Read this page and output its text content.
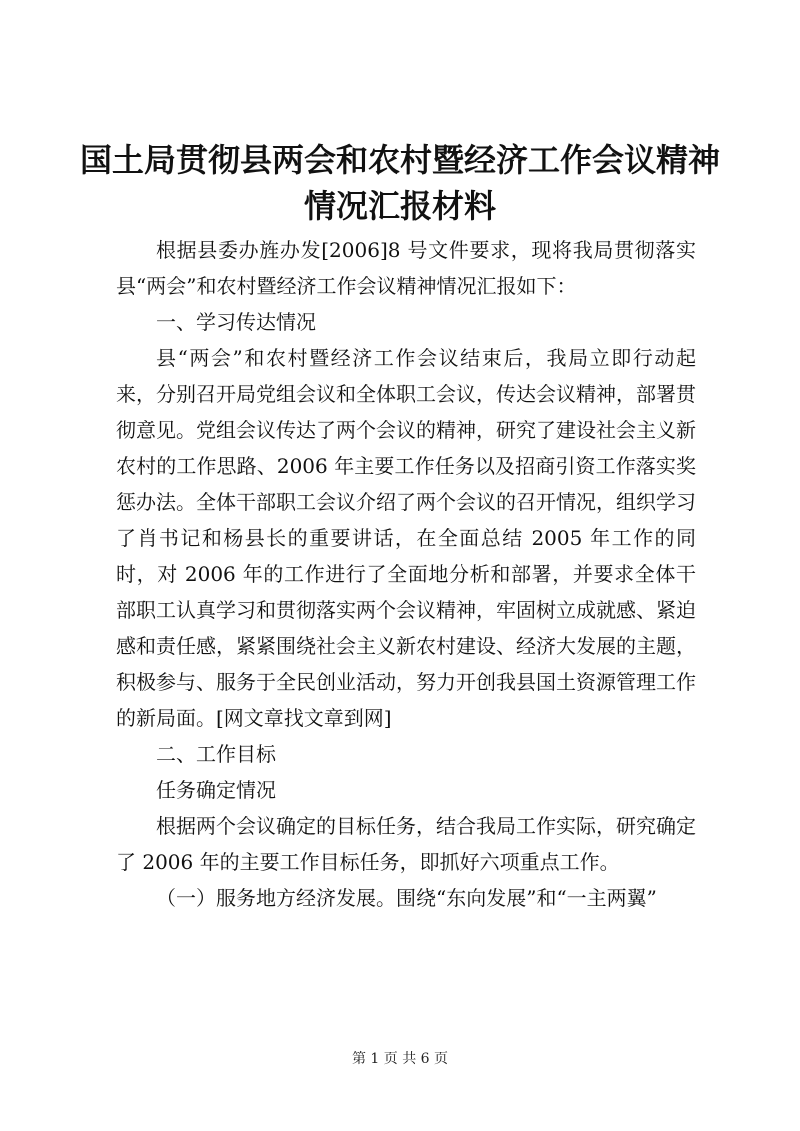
国土局贯彻县两会和农村暨经济工作会议精神
情况汇报材料

根据县委办旌办发[2006]8 号文件要求，现将我局贯彻落实县“两会”和农村暨经济工作会议精神情况汇报如下：

一、学习传达情况

县“两会”和农村暨经济工作会议结束后，我局立即行动起来，分别召开局党组会议和全体职工会议，传达会议精神，部署贯彻意见。党组会议传达了两个会议的精神，研究了建设社会主义新农村的工作思路、2006 年主要工作任务以及招商引资工作落实奖惩办法。全体干部职工会议介绍了两个会议的召开情况，组织学习了肖书记和杨县长的重要讲话，在全面总结 2005 年工作的同时，对 2006 年的工作进行了全面地分析和部署，并要求全体干部职工认真学习和贯彻落实两个会议精神，牢固树立成就感、紧迫感和责任感，紧紧围绕社会主义新农村建设、经济大发展的主题，积极参与、服务于全民创业活动，努力开创我县国土资源管理工作的新局面。[网文章找文章到网]

二、工作目标

任务确定情况

根据两个会议确定的目标任务，结合我局工作实际，研究确定了 2006 年的主要工作目标任务，即抓好六项重点工作。

（一）服务地方经济发展。围绕“东向发展”和“一主两翼”

第 1 页 共 6 页
